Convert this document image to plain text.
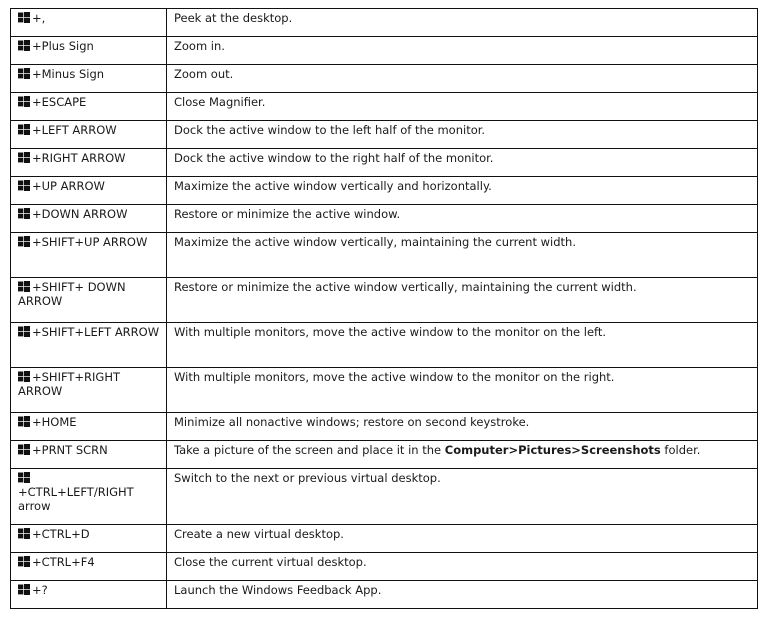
+,	Peek at the desktop.

+Plus Sign	Zoom in.

+Minus Sign	Zoom out.

+ESCAPE	Close Magnifier.

+LEFT ARROW	Dock the active window to the left half of the monitor.

+RIGHT ARROW	Dock the active window to the right half of the monitor.

+UP ARROW	Maximize the active window vertically and horizontally.

+DOWN ARROW	Restore or minimize the active window.

+SHIFT+UP ARROW	Maximize the active window vertically, maintaining the current width.

+SHIFT+ DOWN ARROW	Restore or minimize the active window vertically, maintaining the current width.

+SHIFT+LEFT ARROW	With multiple monitors, move the active window to the monitor on the left.

+SHIFT+RIGHT ARROW	With multiple monitors, move the active window to the monitor on the right.

+HOME	Minimize all nonactive windows; restore on second keystroke.

+PRNT SCRN	Take a picture of the screen and place it in the Computer>Pictures>Screenshots folder.

+CTRL+LEFT/RIGHT arrow	Switch to the next or previous virtual desktop.

+CTRL+D	Create a new virtual desktop.

+CTRL+F4	Close the current virtual desktop.

+?	Launch the Windows Feedback App.
